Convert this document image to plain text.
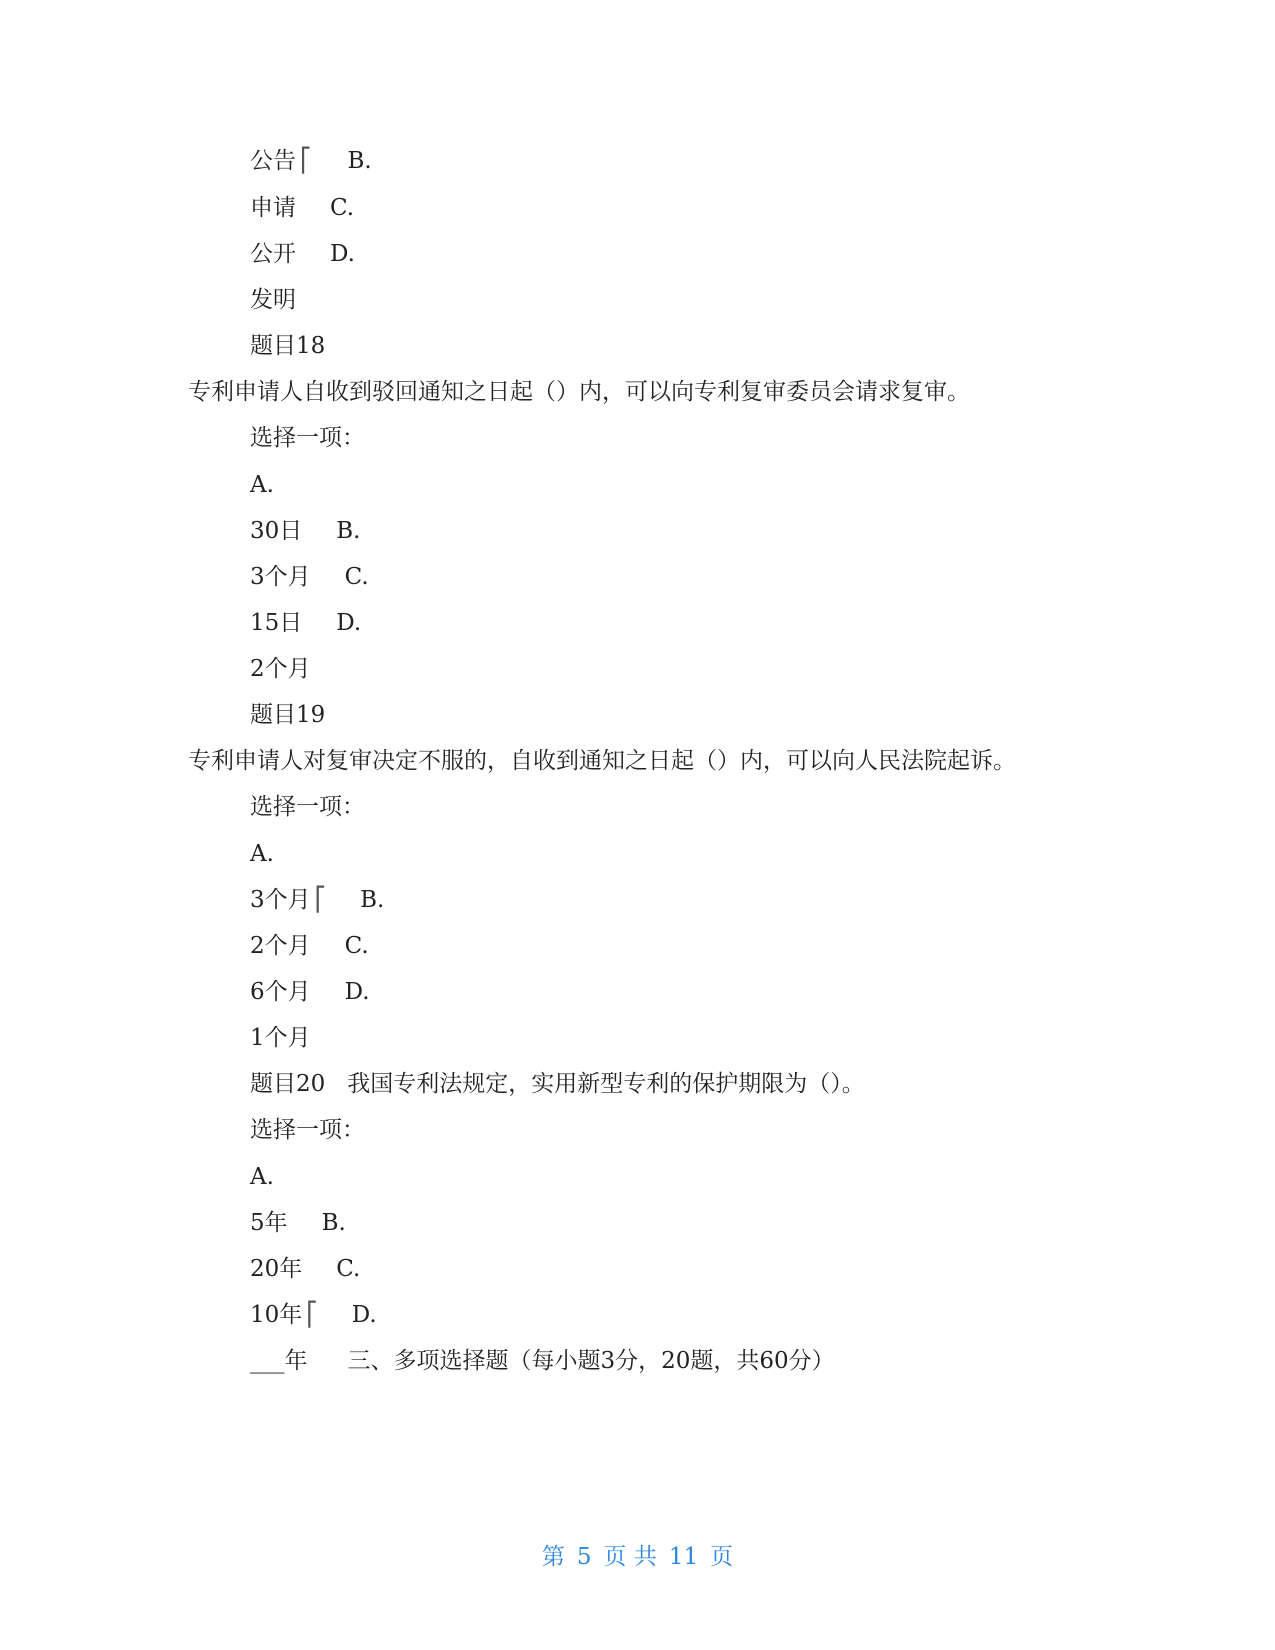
公告 ⎡ B.
申请 C.
公开 D.
发明
题目18
专利申请人自收到驳回通知之日起（）内，可以向专利复审委员会请求复审。
选择一项：
A.
30日 B.
3个月 C.
15日 D.
2个月
题目19
专利申请人对复审决定不服的，自收到通知之日起（）内，可以向人民法院起诉。
选择一项：
A.
3个月 ⎡ B.
2个月 C.
6个月 D.
1个月
题目20 我国专利法规定，实用新型专利的保护期限为（）。
选择一项：
A.
5年 B.
20年 C.
10年 ⎡ D.
___年 三、多项选择题（每小题3分，20题，共60分）
第 5 页 共 11 页
